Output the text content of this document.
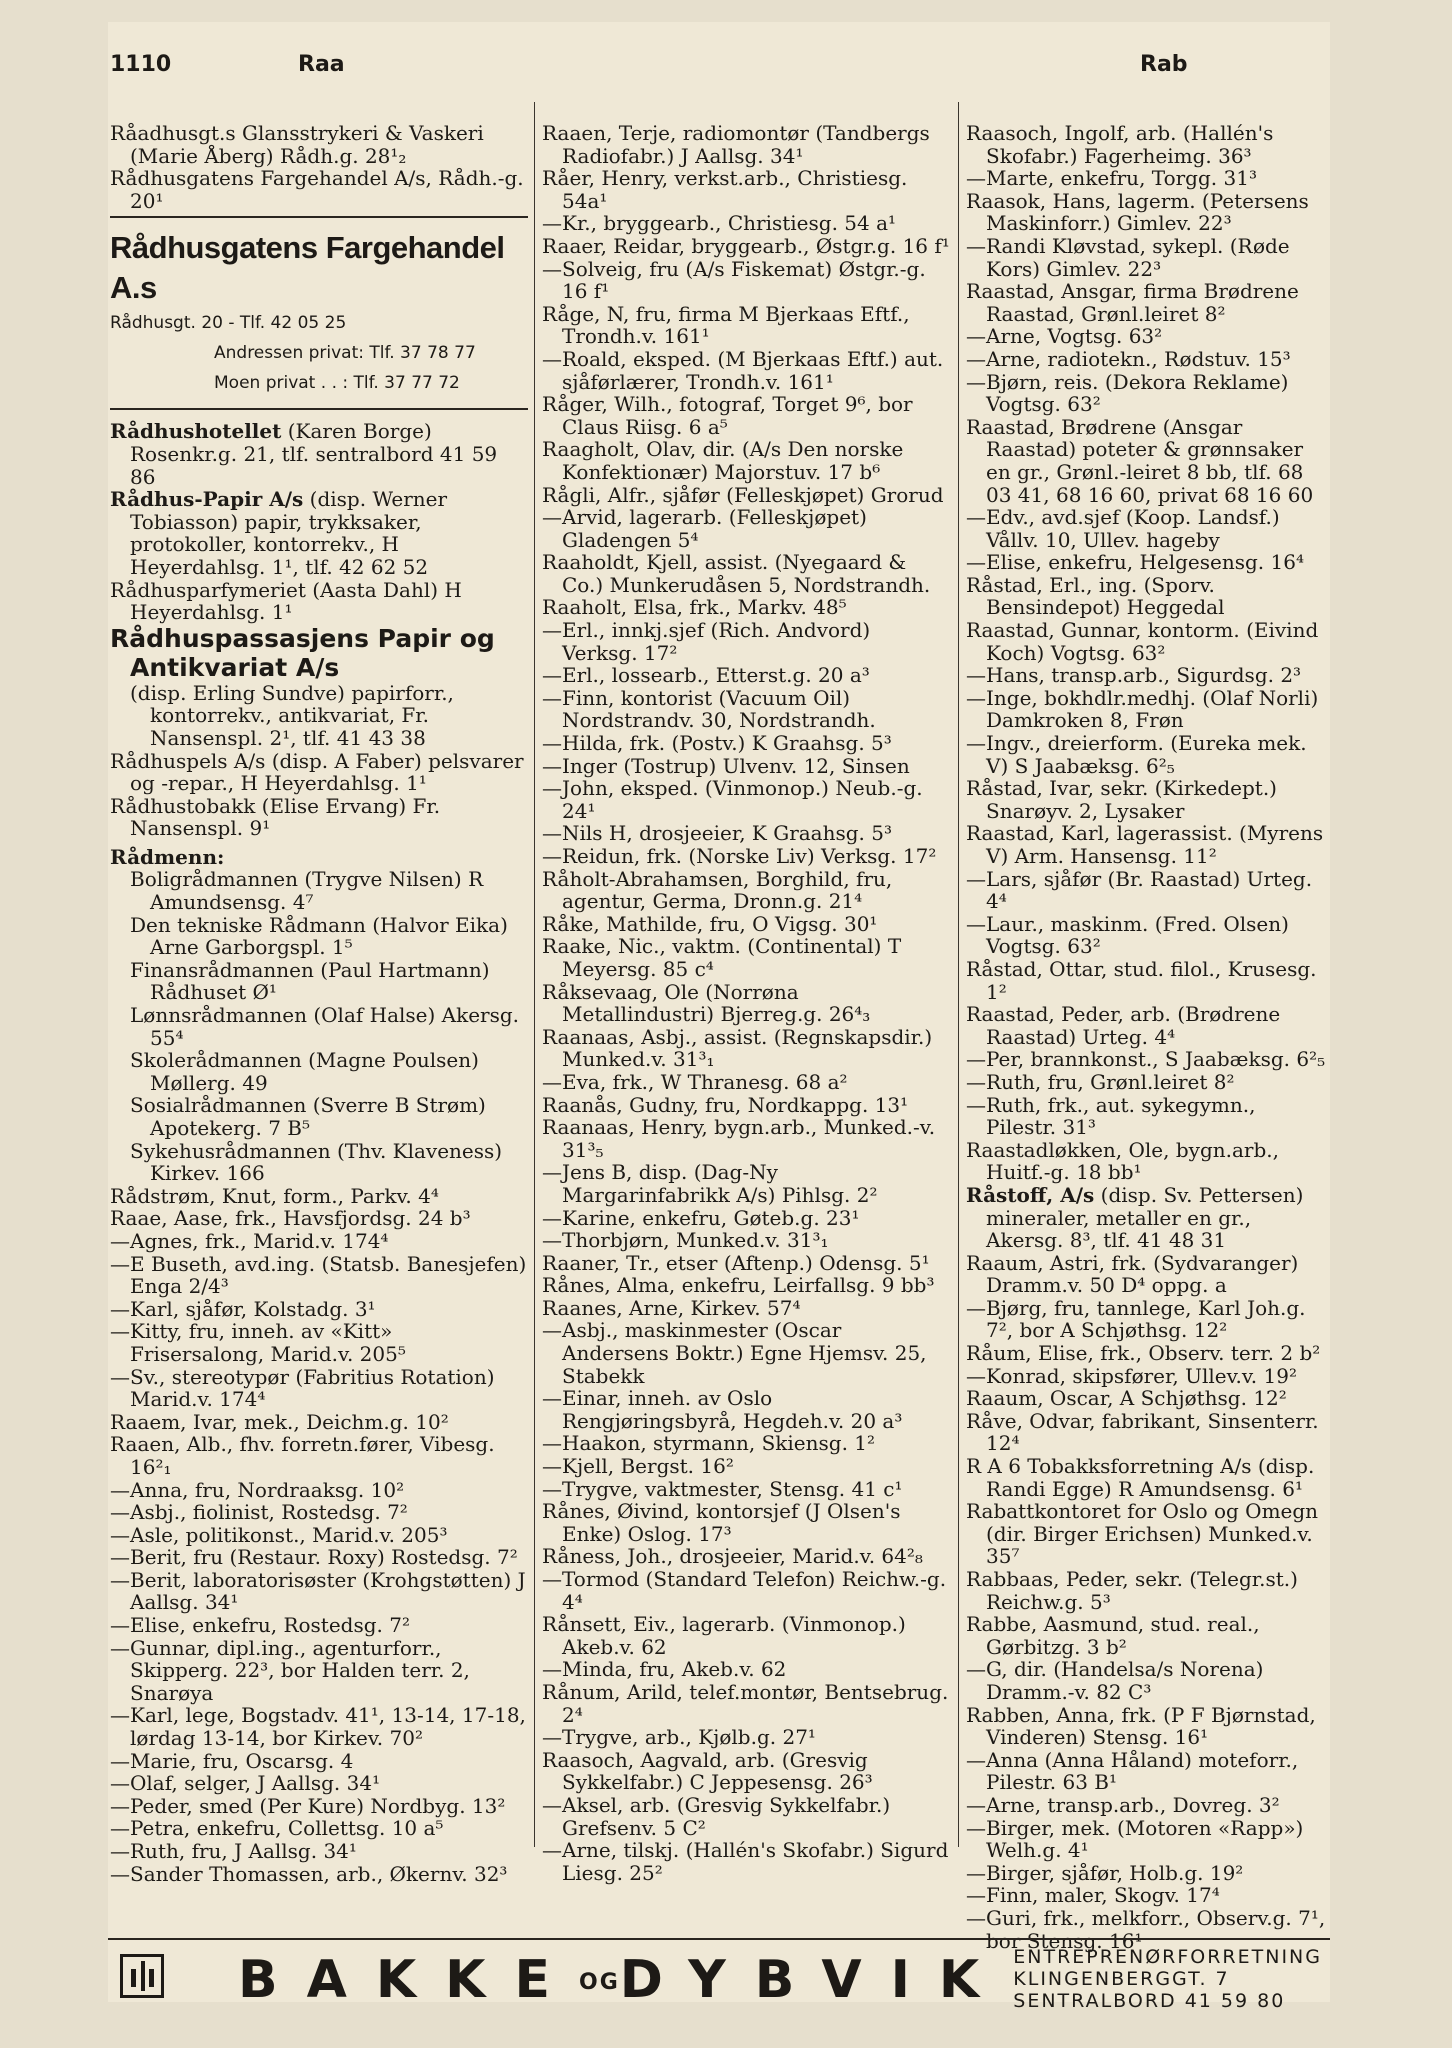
1110	Raa	Rab

Råadhusgt.s Glansstrykeri & Vaskeri (Marie Åberg) Rådh.g. 28¹₂

Rådhusgatens Fargehandel A/s, Rådh.-g. 20¹

Rådhusgatens Fargehandel A.s
Rådhusgt. 20 - Tlf. 42 05 25
Andressen privat: Tlf. 37 78 77
Moen privat . . : Tlf. 37 77 72

Rådhushotellet (Karen Borge) Rosenkr.g. 21, tlf. sentralbord 41 59 86

Rådhus-Papir A/s (disp. Werner Tobiasson) papir, trykksaker, protokoller, kontorrekv., H Heyerdahlsg. 1¹, tlf. 42 62 52

Rådhusparfymeriet (Aasta Dahl) H Heyerdahlsg. 1¹

Rådhuspassasjens Papir og Antikvariat A/s

(disp. Erling Sundve) papirforr., kontorrekv., antikvariat, Fr. Nansenspl. 2¹, tlf. 41 43 38

Rådhuspels A/s (disp. A Faber) pelsvarer og -repar., H Heyerdahlsg. 1¹

Rådhustobakk (Elise Ervang) Fr. Nansenspl. 9¹

Rådmenn:

Boligrådmannen (Trygve Nilsen) R Amundsensg. 4⁷

Den tekniske Rådmann (Halvor Eika) Arne Garborgspl. 1⁵

Finansrådmannen (Paul Hartmann) Rådhuset Ø¹

Lønnsrådmannen (Olaf Halse) Akersg. 55⁴

Skolerådmannen (Magne Poulsen) Møllerg. 49

Sosialrådmannen (Sverre B Strøm) Apotekerg. 7 B⁵

Sykehusrådmannen (Thv. Klaveness) Kirkev. 166

Rådstrøm, Knut, form., Parkv. 4⁴

Raae, Aase, frk., Havsfjordsg. 24 b³

—Agnes, frk., Marid.v. 174⁴

—E Buseth, avd.ing. (Statsb. Banesjefen) Enga 2/4³

—Karl, sjåfør, Kolstadg. 3¹

—Kitty, fru, inneh. av «Kitt» Frisersalong, Marid.v. 205⁵

—Sv., stereotypør (Fabritius Rotation) Marid.v. 174⁴

Raaem, Ivar, mek., Deichm.g. 10²

Raaen, Alb., fhv. forretn.fører, Vibesg. 16²₁

—Anna, fru, Nordraaksg. 10²

—Asbj., fiolinist, Rostedsg. 7²

—Asle, politikonst., Marid.v. 205³

—Berit, fru (Restaur. Roxy) Rostedsg. 7²

—Berit, laboratorisøster (Krohgstøtten) J Aallsg. 34¹

—Elise, enkefru, Rostedsg. 7²

—Gunnar, dipl.ing., agenturforr., Skipperg. 22³, bor Halden terr. 2, Snarøya

—Karl, lege, Bogstadv. 41¹, 13-14, 17-18, lørdag 13-14, bor Kirkev. 70²

—Marie, fru, Oscarsg. 4

—Olaf, selger, J Aallsg. 34¹

—Peder, smed (Per Kure) Nordbyg. 13²

—Petra, enkefru, Collettsg. 10 a⁵

—Ruth, fru, J Aallsg. 34¹

—Sander Thomassen, arb., Økernv. 32³

Raaen, Terje, radiomontør (Tandbergs Radiofabr.) J Aallsg. 34¹

Råer, Henry, verkst.arb., Christiesg. 54a¹

—Kr., bryggearb., Christiesg. 54 a¹

Raaer, Reidar, bryggearb., Østgr.g. 16 f¹

—Solveig, fru (A/s Fiskemat) Østgr.-g. 16 f¹

Råge, N, fru, firma M Bjerkaas Eftf., Trondh.v. 161¹

—Roald, eksped. (M Bjerkaas Eftf.) aut. sjåførlærer, Trondh.v. 161¹

Råger, Wilh., fotograf, Torget 9⁶, bor Claus Riisg. 6 a⁵

Raagholt, Olav, dir. (A/s Den norske Konfektionær) Majorstuv. 17 b⁶

Rågli, Alfr., sjåfør (Felleskjøpet) Grorud

—Arvid, lagerarb. (Felleskjøpet) Gladengen 5⁴

Raaholdt, Kjell, assist. (Nyegaard & Co.) Munkerudåsen 5, Nordstrandh.

Raaholt, Elsa, frk., Markv. 48⁵

—Erl., innkj.sjef (Rich. Andvord) Verksg. 17²

—Erl., lossearb., Etterst.g. 20 a³

—Finn, kontorist (Vacuum Oil) Nordstrandv. 30, Nordstrandh.

—Hilda, frk. (Postv.) K Graahsg. 5³

—Inger (Tostrup) Ulvenv. 12, Sinsen

—John, eksped. (Vinmonop.) Neub.-g. 24¹

—Nils H, drosjeeier, K Graahsg. 5³

—Reidun, frk. (Norske Liv) Verksg. 17²

Råholt-Abrahamsen, Borghild, fru, agentur, Germa, Dronn.g. 21⁴

Råke, Mathilde, fru, O Vigsg. 30¹

Raake, Nic., vaktm. (Continental) T Meyersg. 85 c⁴

Råksevaag, Ole (Norrøna Metallindustri) Bjerreg.g. 26⁴₃

Raanaas, Asbj., assist. (Regnskapsdir.) Munked.v. 31³₁

—Eva, frk., W Thranesg. 68 a²

Raanås, Gudny, fru, Nordkappg. 13¹

Raanaas, Henry, bygn.arb., Munked.-v. 31³₅

—Jens B, disp. (Dag-Ny Margarinfabrikk A/s) Pihlsg. 2²

—Karine, enkefru, Gøteb.g. 23¹

—Thorbjørn, Munked.v. 31³₁

Raaner, Tr., etser (Aftenp.) Odensg. 5¹

Rånes, Alma, enkefru, Leirfallsg. 9 bb³

Raanes, Arne, Kirkev. 57⁴

—Asbj., maskinmester (Oscar Andersens Boktr.) Egne Hjemsv. 25, Stabekk

—Einar, inneh. av Oslo Rengjøringsbyrå, Hegdeh.v. 20 a³

—Haakon, styrmann, Skiensg. 1²

—Kjell, Bergst. 16²

—Trygve, vaktmester, Stensg. 41 c¹

Rånes, Øivind, kontorsjef (J Olsen's Enke) Oslog. 17³

Råness, Joh., drosjeeier, Marid.v. 64²₈

—Tormod (Standard Telefon) Reichw.-g. 4⁴

Rånsett, Eiv., lagerarb. (Vinmonop.) Akeb.v. 62

—Minda, fru, Akeb.v. 62

Rånum, Arild, telef.montør, Bentsebrug. 2⁴

—Trygve, arb., Kjølb.g. 27¹

Raasoch, Aagvald, arb. (Gresvig Sykkelfabr.) C Jeppesensg. 26³

—Aksel, arb. (Gresvig Sykkelfabr.) Grefsenv. 5 C²

—Arne, tilskj. (Hallén's Skofabr.) Sigurd Liesg. 25²

Raasoch, Ingolf, arb. (Hallén's Skofabr.) Fagerheimg. 36³

—Marte, enkefru, Torgg. 31³

Raasok, Hans, lagerm. (Petersens Maskinforr.) Gimlev. 22³

—Randi Kløvstad, sykepl. (Røde Kors) Gimlev. 22³

Raastad, Ansgar, firma Brødrene Raastad, Grønl.leiret 8²

—Arne, Vogtsg. 63²

—Arne, radiotekn., Rødstuv. 15³

—Bjørn, reis. (Dekora Reklame) Vogtsg. 63²

Raastad, Brødrene (Ansgar Raastad) poteter & grønnsaker en gr., Grønl.-leiret 8 bb, tlf. 68 03 41, 68 16 60, privat 68 16 60

—Edv., avd.sjef (Koop. Landsf.) Vållv. 10, Ullev. hageby

—Elise, enkefru, Helgesensg. 16⁴

Råstad, Erl., ing. (Sporv. Bensindepot) Heggedal

Raastad, Gunnar, kontorm. (Eivind Koch) Vogtsg. 63²

—Hans, transp.arb., Sigurdsg. 2³

—Inge, bokhdlr.medhj. (Olaf Norli) Damkroken 8, Frøn

—Ingv., dreierform. (Eureka mek. V) S Jaabæksg. 6²₅

Råstad, Ivar, sekr. (Kirkedept.) Snarøyv. 2, Lysaker

Raastad, Karl, lagerassist. (Myrens V) Arm. Hansensg. 11²

—Lars, sjåfør (Br. Raastad) Urteg. 4⁴

—Laur., maskinm. (Fred. Olsen) Vogtsg. 63²

Råstad, Ottar, stud. filol., Krusesg. 1²

Raastad, Peder, arb. (Brødrene Raastad) Urteg. 4⁴

—Per, brannkonst., S Jaabæksg. 6²₅

—Ruth, fru, Grønl.leiret 8²

—Ruth, frk., aut. sykegymn., Pilestr. 31³

Raastadløkken, Ole, bygn.arb., Huitf.-g. 18 bb¹

Råstoff, A/s (disp. Sv. Pettersen) mineraler, metaller en gr., Akersg. 8³, tlf. 41 48 31

Raaum, Astri, frk. (Sydvaranger) Dramm.v. 50 D⁴ oppg. a

—Bjørg, fru, tannlege, Karl Joh.g. 7², bor A Schjøthsg. 12²

Råum, Elise, frk., Observ. terr. 2 b²

—Konrad, skipsfører, Ullev.v. 19²

Raaum, Oscar, A Schjøthsg. 12²

Råve, Odvar, fabrikant, Sinsenterr. 12⁴

R A 6 Tobakksforretning A/s (disp. Randi Egge) R Amundsensg. 6¹

Rabattkontoret for Oslo og Omegn (dir. Birger Erichsen) Munked.v. 35⁷

Rabbaas, Peder, sekr. (Telegr.st.) Reichw.g. 5³

Rabbe, Aasmund, stud. real., Gørbitzg. 3 b²

—G, dir. (Handelsa/s Norena) Dramm.-v. 82 C³

Rabben, Anna, frk. (P F Bjørnstad, Vinderen) Stensg. 16¹

—Anna (Anna Håland) moteforr., Pilestr. 63 B¹

—Arne, transp.arb., Dovreg. 3²

—Birger, mek. (Motoren «Rapp») Welh.g. 4¹

—Birger, sjåfør, Holb.g. 19²

—Finn, maler, Skogv. 17⁴

—Guri, frk., melkforr., Observ.g. 7¹, bor Stensg. 16¹

BAKKEOGDYBVIK ENTREPRENØRFORRETNING
KLINGENBERGGT. 7
SENTRALBORD 41 59 80
